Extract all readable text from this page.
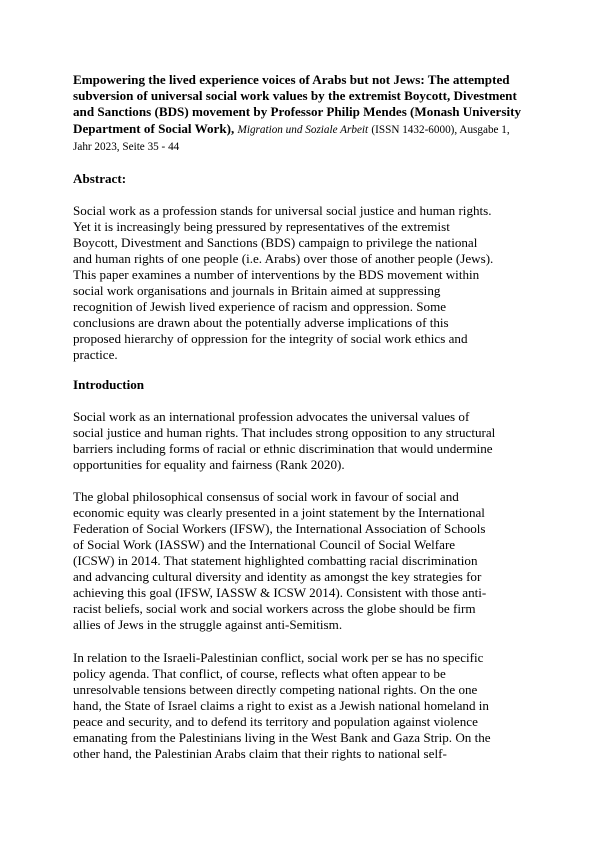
Empowering the lived experience voices of Arabs but not Jews: The attempted subversion of universal social work values by the extremist Boycott, Divestment and Sanctions (BDS) movement by Professor Philip Mendes (Monash University Department of Social Work), Migration und Soziale Arbeit (ISSN 1432-6000), Ausgabe 1, Jahr 2023, Seite 35 - 44

Abstract:

Social work as a profession stands for universal social justice and human rights.
Yet it is increasingly being pressured by representatives of the extremist
Boycott, Divestment and Sanctions (BDS) campaign to privilege the national
and human rights of one people (i.e. Arabs) over those of another people (Jews).
This paper examines a number of interventions by the BDS movement within
social work organisations and journals in Britain aimed at suppressing
recognition of Jewish lived experience of racism and oppression. Some
conclusions are drawn about the potentially adverse implications of this
proposed hierarchy of oppression for the integrity of social work ethics and
practice.

Introduction

Social work as an international profession advocates the universal values of
social justice and human rights. That includes strong opposition to any structural
barriers including forms of racial or ethnic discrimination that would undermine
opportunities for equality and fairness (Rank 2020).
The global philosophical consensus of social work in favour of social and
economic equity was clearly presented in a joint statement by the International
Federation of Social Workers (IFSW), the International Association of Schools
of Social Work (IASSW) and the International Council of Social Welfare
(ICSW) in 2014. That statement highlighted combatting racial discrimination
and advancing cultural diversity and identity as amongst the key strategies for
achieving this goal (IFSW, IASSW & ICSW 2014). Consistent with those anti-
racist beliefs, social work and social workers across the globe should be firm
allies of Jews in the struggle against anti-Semitism.
In relation to the Israeli-Palestinian conflict, social work per se has no specific
policy agenda. That conflict, of course, reflects what often appear to be
unresolvable tensions between directly competing national rights. On the one
hand, the State of Israel claims a right to exist as a Jewish national homeland in
peace and security, and to defend its territory and population against violence
emanating from the Palestinians living in the West Bank and Gaza Strip. On the
other hand, the Palestinian Arabs claim that their rights to national self-
